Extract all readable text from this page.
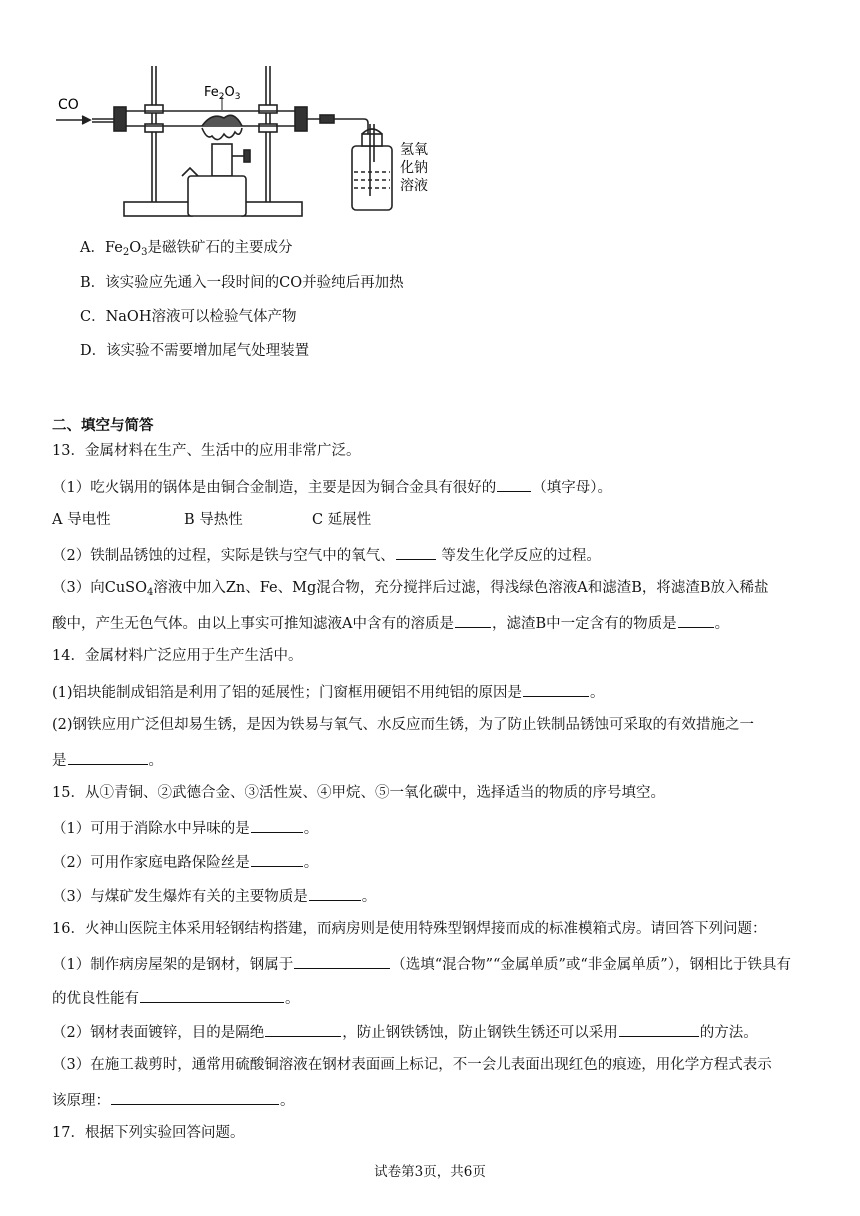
CO
$Fe_2O_3$
氢氧
化钠
溶液
A．$Fe_2O_3$是磁铁矿石的主要成分
B．该实验应先通入一段时间的CO并验纯后再加热
C．NaOH溶液可以检验气体产物
D．该实验不需要增加尾气处理装置
二、填空与简答
13．金属材料在生产、生活中的应用非常广泛。
（1）吃火锅用的锅体是由铜合金制造，主要是因为铜合金具有很好的 （填字母）。
A 导电性	B 导热性	C 延展性
（2）铁制品锈蚀的过程，实际是铁与空气中的氧气、	等发生化学反应的过程。
（3）向CuSO$_4$溶液中加入Zn、Fe、Mg混合物，充分搅拌后过滤，得浅绿色溶液A和滤渣B，将滤渣B放入稀盐
酸中，产生无色气体。由以上事实可推知滤液A中含有的溶质是	，滤渣B中一定含有的物质是	。
14．金属材料广泛应用于生产生活中。
(1)铝块能制成铝箔是利用了铝的延展性；门窗框用硬铝不用纯铝的原因是	。
(2)钢铁应用广泛但却易生锈，是因为铁易与氧气、水反应而生锈，为了防止铁制品锈蚀可采取的有效措施之一
是	。
15．从①青铜、②武德合金、③活性炭、④甲烷、⑤一氧化碳中，选择适当的物质的序号填空。
（1）可用于消除水中异味的是	。
（2）可用作家庭电路保险丝是	。
（3）与煤矿发生爆炸有关的主要物质是	。
16．火神山医院主体采用轻钢结构搭建，而病房则是使用特殊型钢焊接而成的标准模箱式房。请回答下列问题：
（1）制作病房屋架的是钢材，钢属于	（选填“混合物”“金属单质”或“非金属单质”），钢相比于铁具有
的优良性能有	。
（2）钢材表面镀锌，目的是隔绝	，防止钢铁锈蚀，防止钢铁生锈还可以采用	的方法。
（3）在施工裁剪时，通常用硫酸铜溶液在钢材表面画上标记，不一会儿表面出现红色的痕迹，用化学方程式表示
该原理：	。
17．根据下列实验回答问题。
试卷第3页，共6页
